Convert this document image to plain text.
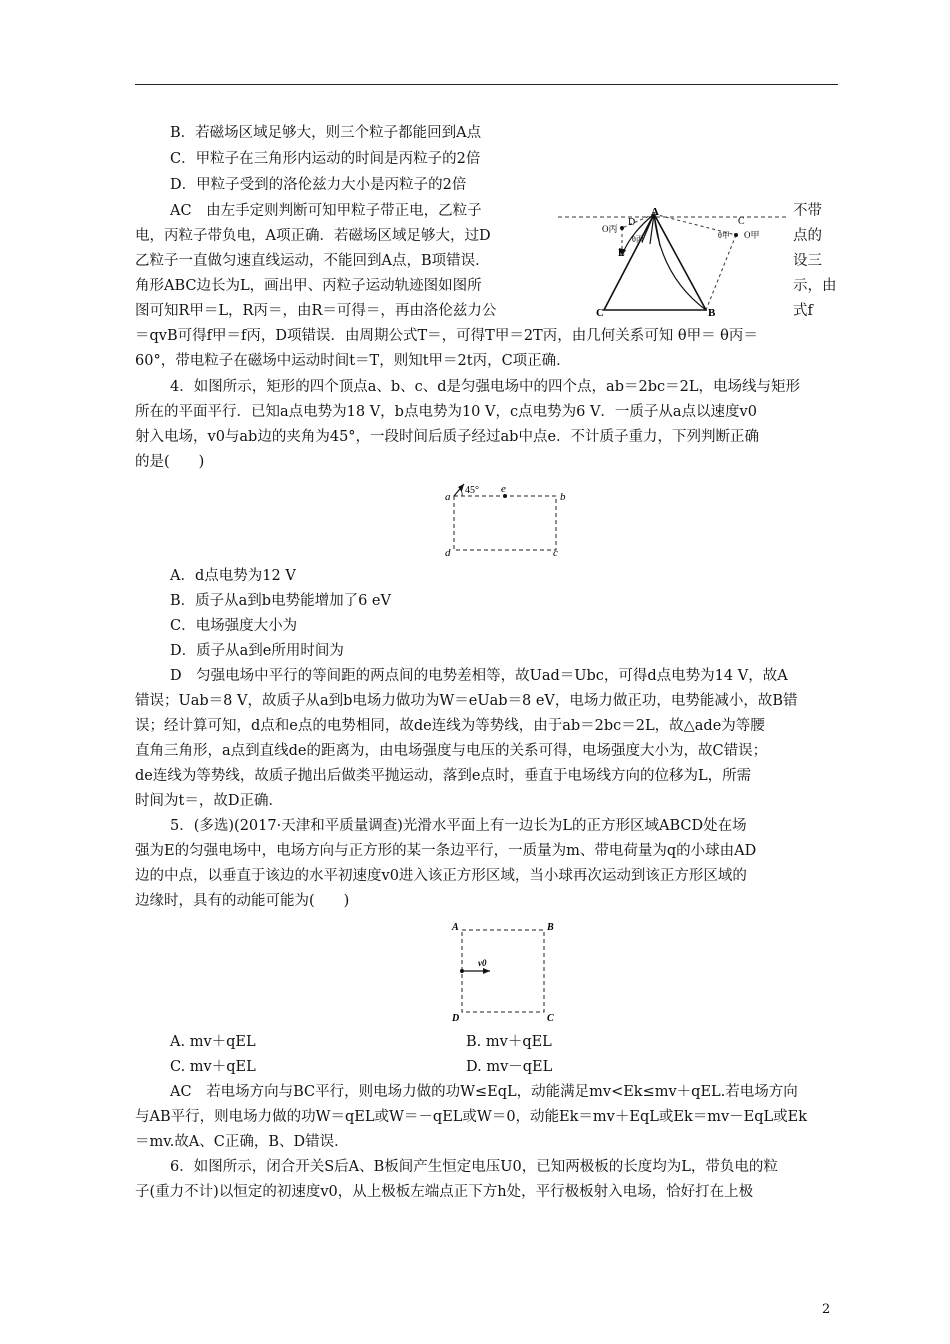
B．若磁场区域足够大，则三个粒子都能回到A点
C．甲粒子在三角形内运动的时间是丙粒子的2倍
D．甲粒子受到的洛伦兹力大小是丙粒子的2倍
AC　由左手定则判断可知甲粒子带正电，乙粒子
电，丙粒子带负电，A项正确．若磁场区域足够大，过D
乙粒子一直做匀速直线运动，不能回到A点，B项错误．
角形ABC边长为L，画出甲、丙粒子运动轨迹图如图所
图可知R甲＝L，R丙＝，由R＝可得＝，再由洛伦兹力公
不带
点的
设三
示，由
式f
A
B
C
C
D
E
O丙
O甲
θ丙	θ甲
＝qvB可得f甲＝f丙，D项错误．由周期公式T＝，可得T甲＝2T丙，由几何关系可知 θ甲＝ θ丙＝
60°，带电粒子在磁场中运动时间t＝T，则知t甲＝2t丙，C项正确．
4．如图所示，矩形的四个顶点a、b、c、d是匀强电场中的四个点，ab＝2bc＝2L，电场线与矩形
所在的平面平行．已知a点电势为18 V，b点电势为10 V，c点电势为6 V．一质子从a点以速度v0
射入电场，v0与ab边的夹角为45°，一段时间后质子经过ab中点e．不计质子重力，下列判断正确
的是(　　)
a	b
c
d
e
45°
A．d点电势为12 V
B．质子从a到b电势能增加了6 eV
C．电场强度大小为
D．质子从a到e所用时间为
D　匀强电场中平行的等间距的两点间的电势差相等，故Uad＝Ubc，可得d点电势为14 V，故A
错误；Uab＝8 V，故质子从a到b电场力做功为W＝eUab＝8 eV，电场力做正功，电势能减小，故B错
误；经计算可知，d点和e点的电势相同，故de连线为等势线，由于ab＝2bc＝2L，故△ade为等腰
直角三角形，a点到直线de的距离为，由电场强度与电压的关系可得，电场强度大小为，故C错误；
de连线为等势线，故质子抛出后做类平抛运动，落到e点时，垂直于电场线方向的位移为L，所需
时间为t＝，故D正确．
5．(多选)(2017·天津和平质量调查)光滑水平面上有一边长为L的正方形区域ABCD处在场
强为E的匀强电场中，电场方向与正方形的某一条边平行，一质量为m、带电荷量为q的小球由AD
边的中点，以垂直于该边的水平初速度v0进入该正方形区域，当小球再次运动到该正方形区域的
边缘时，具有的动能可能为(　　)
A	B
C
D
v0
A. mv＋qEL	B. mv＋qEL
C. mv＋qEL	D. mv－qEL
AC　若电场方向与BC平行，则电场力做的功W≤EqL，动能满足mv<Ek≤mv＋qEL.若电场方向
与AB平行，则电场力做的功W＝qEL或W＝－qEL或W＝0，动能Ek＝mv＋EqL或Ek＝mv－EqL或Ek
＝mv.故A、C正确，B、D错误．
6．如图所示，闭合开关S后A、B板间产生恒定电压U0，已知两极板的长度均为L，带负电的粒
子(重力不计)以恒定的初速度v0，从上极板左端点正下方h处，平行极板射入电场，恰好打在上极
2
